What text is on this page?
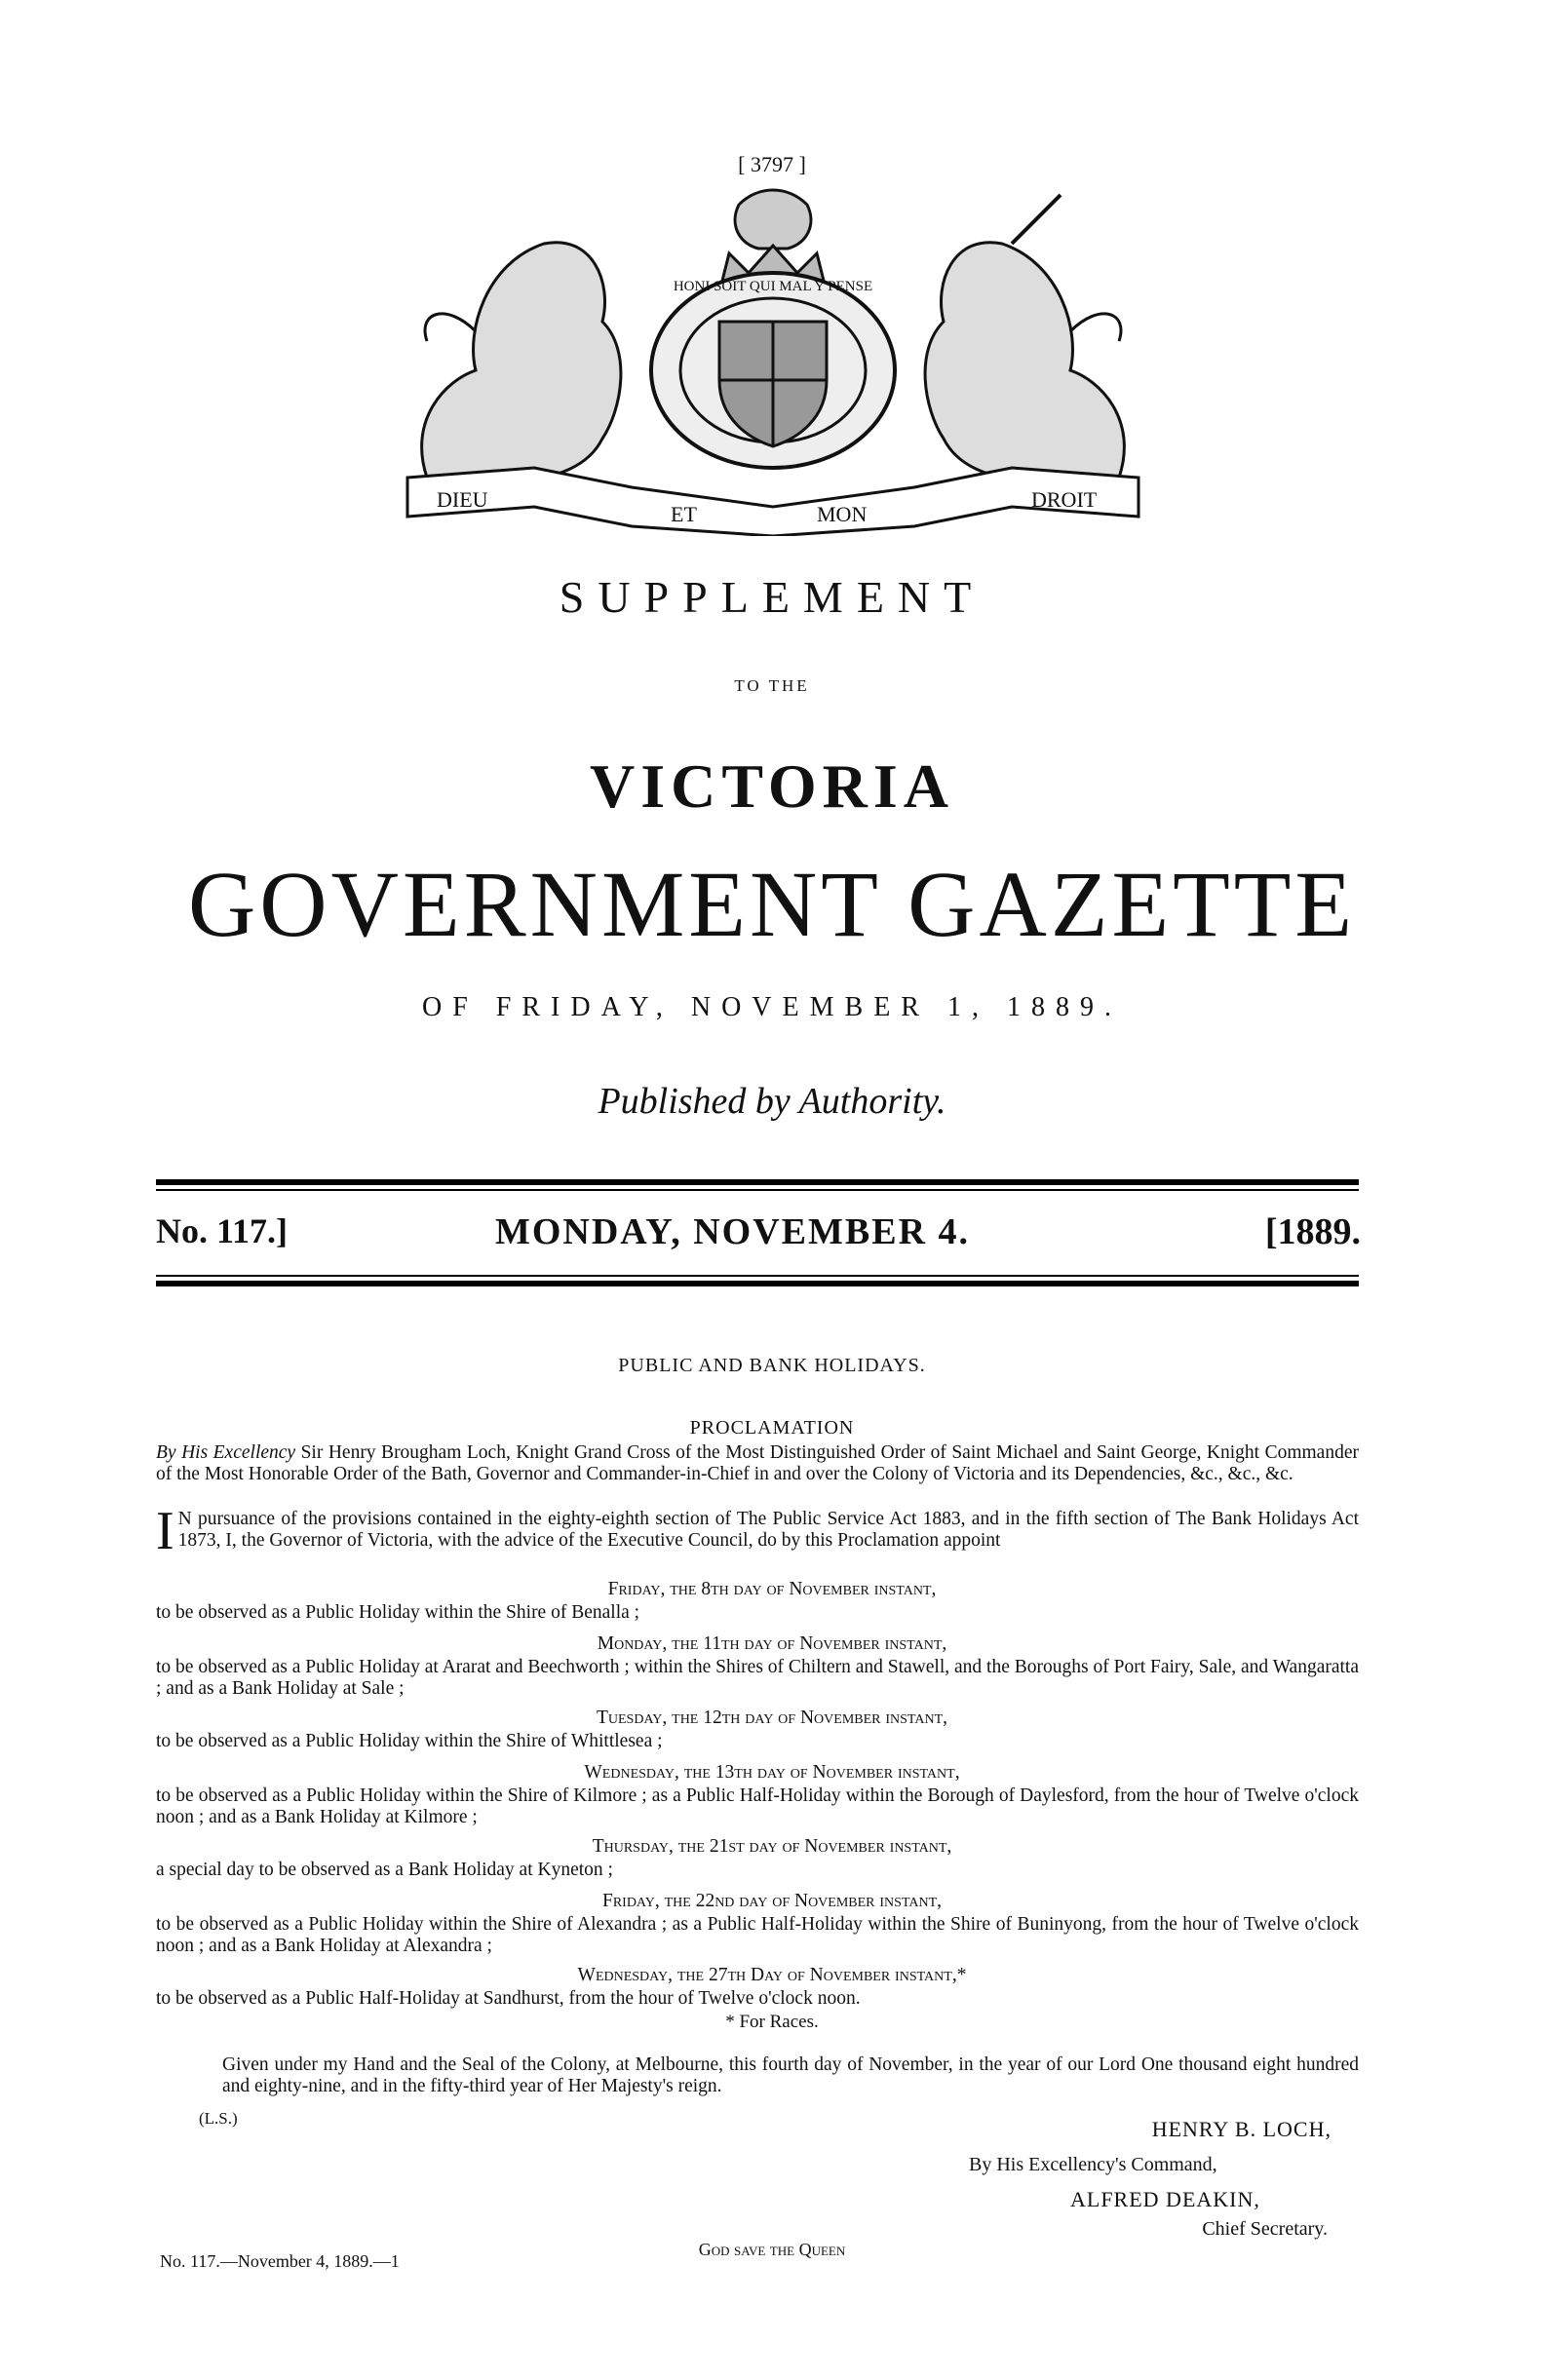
[ 3797 ]
DIEU
ET	MON
DROIT
HONI SOIT QUI MAL Y PENSE
SUPPLEMENT
TO THE
VICTORIA
GOVERNMENT GAZETTE
OF FRIDAY, NOVEMBER 1, 1889.
Published by Authority.
No. 117.]	MONDAY, NOVEMBER 4.	[1889.
PUBLIC AND BANK HOLIDAYS.
PROCLAMATION
By His Excellency Sir Henry Brougham Loch, Knight Grand Cross of the Most Distinguished Order of Saint Michael and Saint George, Knight Commander of the Most Honorable Order of the Bath, Governor and Commander-in-Chief in and over the Colony of Victoria and its Dependencies, &c., &c., &c.
I N pursuance of the provisions contained in the eighty-eighth section of The Public Service Act 1883, and in the fifth section of The Bank Holidays Act 1873, I, the Governor of Victoria, with the advice of the Executive Council, do by this Proclamation appoint
Friday, the 8th day of November instant,
to be observed as a Public Holiday within the Shire of Benalla ;
Monday, the 11th day of November instant,
to be observed as a Public Holiday at Ararat and Beechworth ; within the Shires of Chiltern and Stawell, and the Boroughs of Port Fairy, Sale, and Wangaratta ; and as a Bank Holiday at Sale ;
Tuesday, the 12th day of November instant,
to be observed as a Public Holiday within the Shire of Whittlesea ;
Wednesday, the 13th day of November instant,
to be observed as a Public Holiday within the Shire of Kilmore ; as a Public Half-Holiday within the Borough of Daylesford, from the hour of Twelve o'clock noon ; and as a Bank Holiday at Kilmore ;
Thursday, the 21st day of November instant,
a special day to be observed as a Bank Holiday at Kyneton ;
Friday, the 22nd day of November instant,
to be observed as a Public Holiday within the Shire of Alexandra ; as a Public Half-Holiday within the Shire of Buninyong, from the hour of Twelve o'clock noon ; and as a Bank Holiday at Alexandra ;
Wednesday, the 27th Day of November instant,*
to be observed as a Public Half-Holiday at Sandhurst, from the hour of Twelve o'clock noon.
* For Races.
Given under my Hand and the Seal of the Colony, at Melbourne, this fourth day of November, in the year of our Lord One thousand eight hundred and eighty-nine, and in the fifty-third year of Her Majesty's reign.
(L.S.)	HENRY B. LOCH,
By His Excellency's Command,
ALFRED DEAKIN,
Chief Secretary.
No. 117.—November 4, 1889.—1
God save the Queen
